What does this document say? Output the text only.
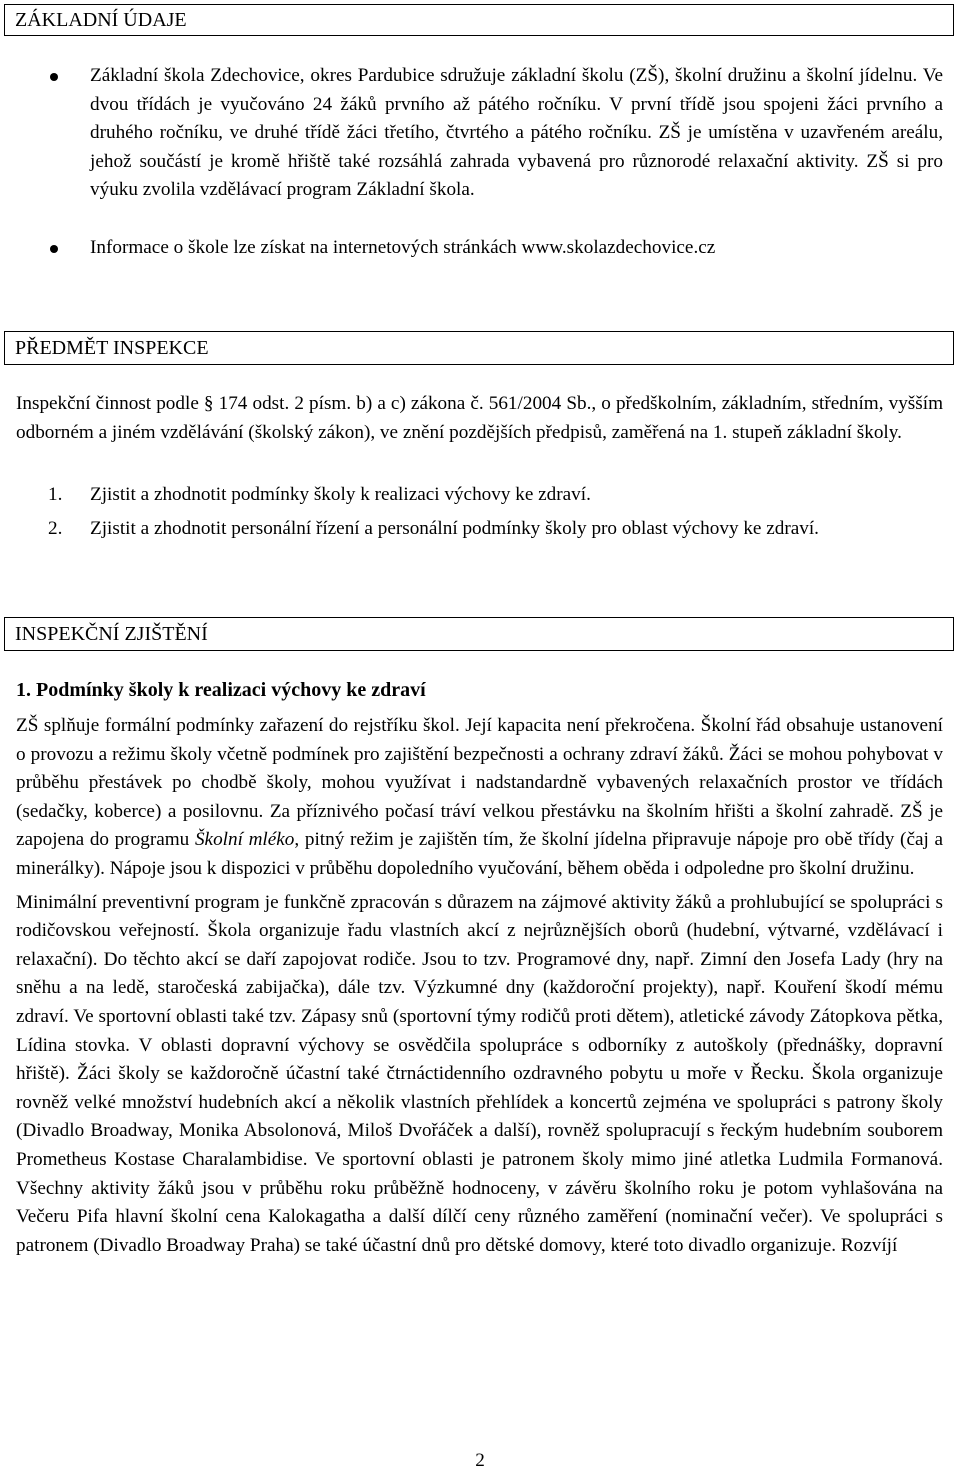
ZÁKLADNÍ ÚDAJE
Základní škola Zdechovice, okres Pardubice sdružuje základní školu (ZŠ), školní družinu a školní jídelnu. Ve dvou třídách je vyučováno 24 žáků prvního až pátého ročníku. V první třídě jsou spojeni žáci prvního a druhého ročníku, ve druhé třídě žáci třetího, čtvrtého a pátého ročníku. ZŠ je umístěna v uzavřeném areálu, jehož součástí je kromě hřiště také rozsáhlá zahrada vybavená pro různorodé relaxační aktivity. ZŠ si pro výuku zvolila vzdělávací program Základní škola.
Informace o škole lze získat na internetových stránkách www.skolazdechovice.cz
PŘEDMĚT INSPEKCE
Inspekční činnost podle § 174 odst. 2 písm. b) a c) zákona č. 561/2004 Sb., o předškolním, základním, středním, vyšším odborném a jiném vzdělávání (školský zákon), ve znění pozdějších předpisů, zaměřená na 1. stupeň základní školy.
1. Zjistit a zhodnotit podmínky školy k realizaci výchovy ke zdraví.
2. Zjistit a zhodnotit personální řízení a personální podmínky školy pro oblast výchovy ke zdraví.
INSPEKČNÍ ZJIŠTĚNÍ
1. Podmínky školy k realizaci výchovy ke zdraví

ZŠ splňuje formální podmínky zařazení do rejstříku škol. Její kapacita není překročena. Školní řád obsahuje ustanovení o provozu a režimu školy včetně podmínek pro zajištění bezpečnosti a ochrany zdraví žáků. Žáci se mohou pohybovat v průběhu přestávek po chodbě školy, mohou využívat i nadstandardně vybavených relaxačních prostor ve třídách (sedačky, koberce) a posilovnu. Za příznivého počasí tráví velkou přestávku na školním hřišti a školní zahradě. ZŠ je zapojena do programu Školní mléko, pitný režim je zajištěn tím, že školní jídelna připravuje nápoje pro obě třídy (čaj a minerálky). Nápoje jsou k dispozici v průběhu dopoledního vyučování, během oběda i odpoledne pro školní družinu.

Minimální preventivní program je funkčně zpracován s důrazem na zájmové aktivity žáků a prohlubující se spolupráci s rodičovskou veřejností. Škola organizuje řadu vlastních akcí z nejrůznějších oborů (hudební, výtvarné, vzdělávací i relaxační). Do těchto akcí se daří zapojovat rodiče. Jsou to tzv. Programové dny, např. Zimní den Josefa Lady (hry na sněhu a na ledě, staročeská zabijačka), dále tzv. Výzkumné dny (každoroční projekty), např. Kouření škodí mému zdraví. Ve sportovní oblasti také tzv. Zápasy snů (sportovní týmy rodičů proti dětem), atletické závody Zátopkova pětka, Lídina stovka. V oblasti dopravní výchovy se osvědčila spolupráce s odborníky z autoškoly (přednášky, dopravní hřiště). Žáci školy se každoročně účastní také čtrnáctidenního ozdravného pobytu u moře v Řecku. Škola organizuje rovněž velké množství hudebních akcí a několik vlastních přehlídek a koncertů zejména ve spolupráci s patrony školy (Divadlo Broadway, Monika Absolonová, Miloš Dvořáček a další), rovněž spolupracují s řeckým hudebním souborem Prometheus Kostase Charalambidise. Ve sportovní oblasti je patronem školy mimo jiné atletka Ludmila Formanová. Všechny aktivity žáků jsou v průběhu roku průběžně hodnoceny, v závěru školního roku je potom vyhlašována na Večeru Pifa hlavní školní cena Kalokagatha a další dílčí ceny různého zaměření (nominační večer). Ve spolupráci s patronem (Divadlo Broadway Praha) se také účastní dnů pro dětské domovy, které toto divadlo organizuje. Rozvíjí

2
